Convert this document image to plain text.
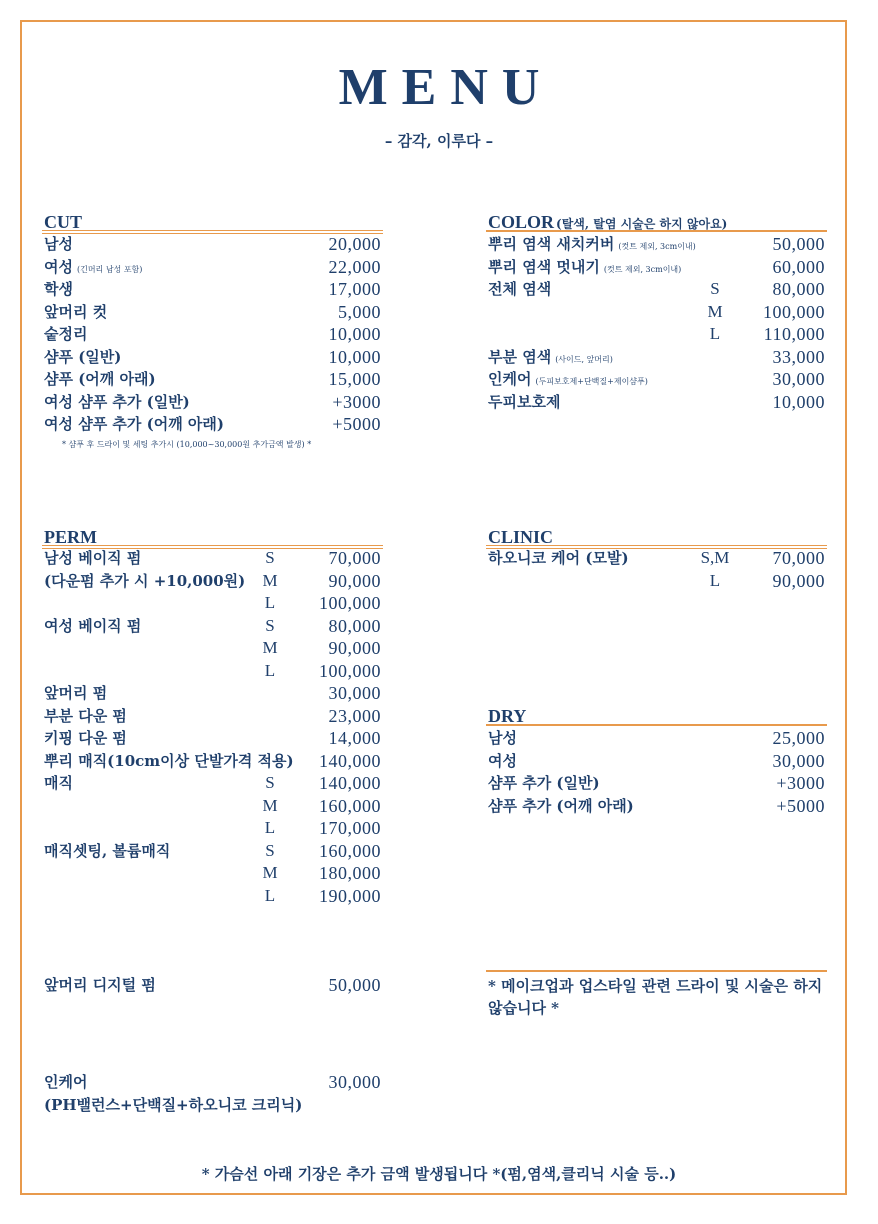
MENU
– 감각, 이루다 –
CUT
남성	20,000
여성 (긴머리 남성 포함)	22,000
학생	17,000
앞머리 컷	5,000
숱정리	10,000
샴푸 (일반)	10,000
샴푸 (어깨 아래)	15,000
여성 샴푸 추가 (일반)	+3000
여성 샴푸 추가 (어깨 아래)	+5000
* 샴푸 후 드라이 및 세팅 추가시 (10,000~30,000원 추가금액 발생) *
COLOR (탈색, 탈염 시술은 하지 않아요)
뿌리 염색 새치커버 (컷트 제외, 3cm이내)	50,000
뿌리 염색 멋내기 (컷트 제외, 3cm이내)	60,000
전체 염색	S	80,000
M	100,000
L	110,000
부분 염색 (사이드, 앞머리)	33,000
인케어 (두피보호제+단백질+제이샴푸)	30,000
두피보호제	10,000
PERM
남성 베이직 펌	S	70,000
(다운펌 추가 시 +10,000원)	M	90,000
L	100,000
여성 베이직 펌	S	80,000
M	90,000
L	100,000
앞머리 펌	30,000
부분 다운 펌	23,000
키핑 다운 펌	14,000
뿌리 매직(10cm이상 단발가격 적용) 140,000
매직	S	140,000
M	160,000
L	170,000
매직셋팅, 볼륨매직	S	160,000
M	180,000
L	190,000
앞머리 디지털 펌	50,000
인케어	30,000
(PH밸런스+단백질+하오니코 크리닉)
CLINIC
하오니코 케어 (모발)	S,M 70,000
L	90,000
DRY
남성	25,000
여성	30,000
샴푸 추가 (일반)	+3000
샴푸 추가 (어깨 아래)	+5000
* 메이크업과 업스타일 관련 드라이 및 시술은 하지 않습니다 *
* 가슴선 아래 기장은 추가 금액 발생됩니다 *(펌,염색,클리닉 시술 등..)
